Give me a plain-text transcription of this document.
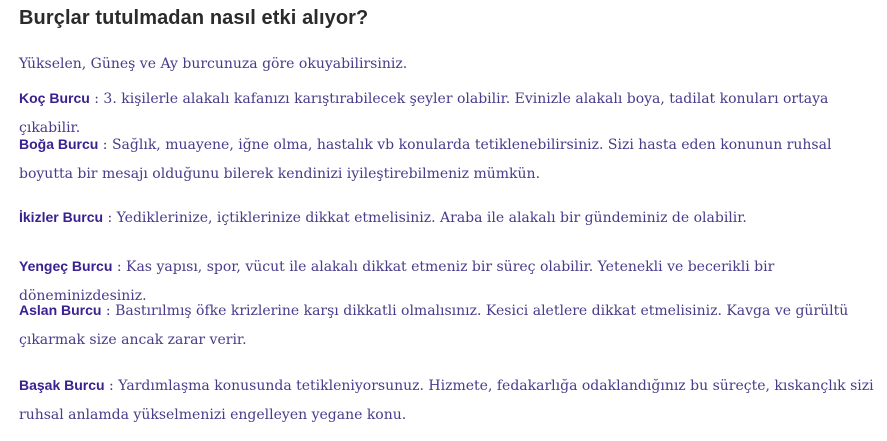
Burçlar tutulmadan nasıl etki alıyor?

Yükselen, Güneş ve Ay burcunuza göre okuyabilirsiniz.

Koç Burcu : 3. kişilerle alakalı kafanızı karıştırabilecek şeyler olabilir. Evinizle alakalı boya, tadilat konuları ortaya çıkabilir.

Boğa Burcu : Sağlık, muayene, iğne olma, hastalık vb konularda tetiklenebilirsiniz. Sizi hasta eden konunun ruhsal boyutta bir mesajı olduğunu bilerek kendinizi iyileştirebilmeniz mümkün.

İkizler Burcu : Yediklerinize, içtiklerinize dikkat etmelisiniz. Araba ile alakalı bir gündeminiz de olabilir.

Yengeç Burcu : Kas yapısı, spor, vücut ile alakalı dikkat etmeniz bir süreç olabilir. Yetenekli ve becerikli bir döneminizdesiniz.

Aslan Burcu : Bastırılmış öfke krizlerine karşı dikkatli olmalısınız. Kesici aletlere dikkat etmelisiniz. Kavga ve gürültü çıkarmak size ancak zarar verir.

Başak Burcu : Yardımlaşma konusunda tetikleniyorsunuz. Hizmete, fedakarlığa odaklandığınız bu süreçte, kıskançlık sizi ruhsal anlamda yükselmenizi engelleyen yegane konu.
